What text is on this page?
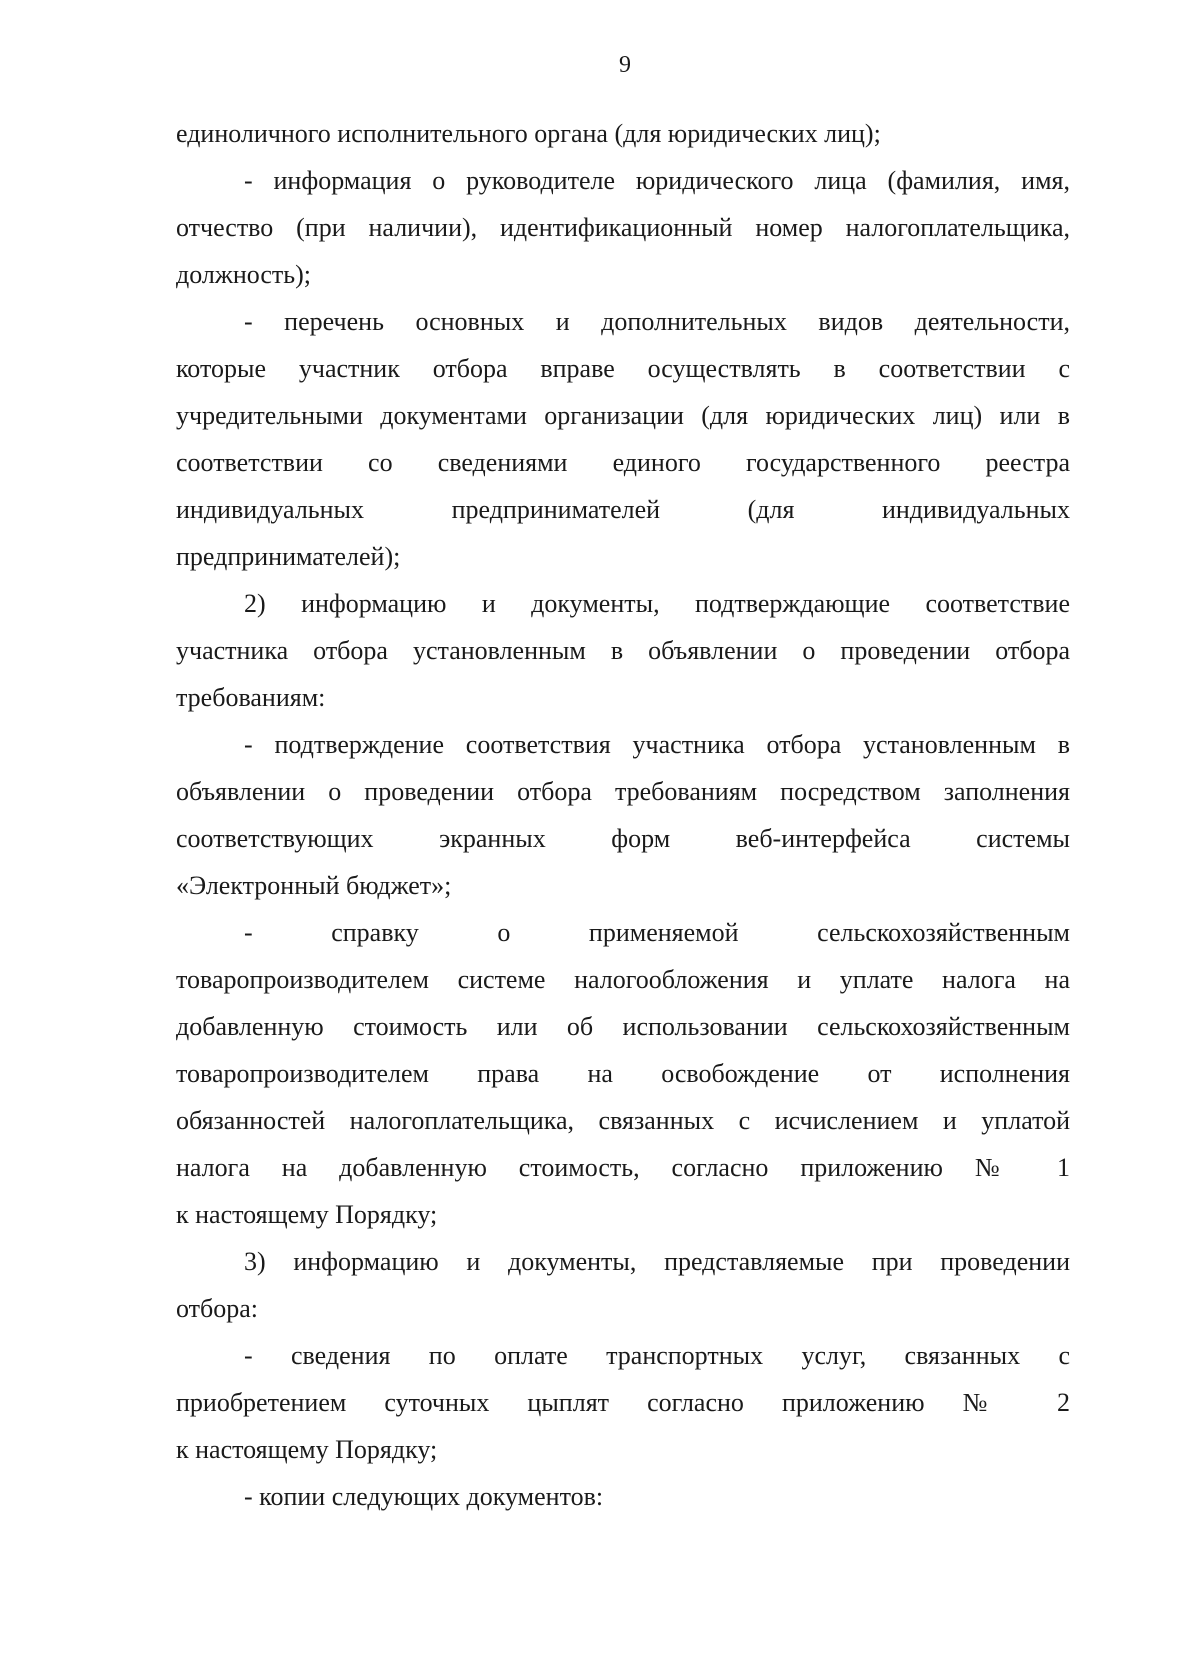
9
единоличного исполнительного органа (для юридических лиц);
- информация о руководителе юридического лица (фамилия, имя,
отчество (при наличии), идентификационный номер налогоплательщика,
должность);
- перечень основных и дополнительных видов деятельности,
которые участник отбора вправе осуществлять в соответствии с
учредительными документами организации (для юридических лиц) или в
соответствии со сведениями единого государственного реестра
индивидуальных предпринимателей (для индивидуальных
предпринимателей);
2) информацию и документы, подтверждающие соответствие
участника отбора установленным в объявлении о проведении отбора
требованиям:
- подтверждение соответствия участника отбора установленным в
объявлении о проведении отбора требованиям посредством заполнения
соответствующих экранных форм веб-интерфейса системы
«Электронный бюджет»;
- справку о применяемой сельскохозяйственным
товаропроизводителем системе налогообложения и уплате налога на
добавленную стоимость или об использовании сельскохозяйственным
товаропроизводителем права на освобождение от исполнения
обязанностей налогоплательщика, связанных с исчислением и уплатой
налога на добавленную стоимость, согласно приложению № 1
к настоящему Порядку;
3) информацию и документы, представляемые при проведении
отбора:
- сведения по оплате транспортных услуг, связанных с
приобретением суточных цыплят согласно приложению № 2
к настоящему Порядку;
- копии следующих документов:
